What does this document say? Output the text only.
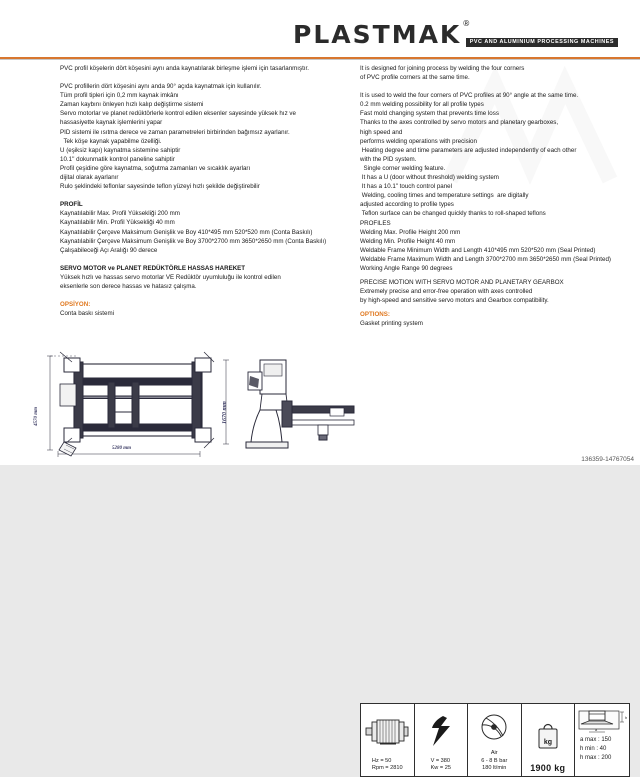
PLASTMAK ®
PVC AND ALUMINIUM PROCESSING MACHINES

PVC profil köşelerin dört köşesini aynı anda kaynatılarak birleşme işlemi için tasarlanmıştır.

PVC profillerin dört köşesini aynı anda 90° açıda kaynatmak için kullanılır.

Tüm profil tipleri için 0,2 mm kaynak imkânı

Zaman kaybını önleyen hızlı kalıp değiştirme sistemi

Servo motorlar ve planet redüktörlerle kontrol edilen eksenler sayesinde yüksek hız ve

hassasiyette kaynak işlemlerini yapar

PID sistemi ile ısıtma derece ve zaman parametreleri birbirinden bağımsız ayarlanır.

Tek köşe kaynak yapabilme özelliği.

U (eşiksiz kapı) kaynatma sistemine sahiptir

10.1'' dokunmatik kontrol paneline sahiptir

Profil çeşidine göre kaynatma, soğutma zamanları ve sıcaklık ayarları

dijital olarak ayarlanır

Rulo şeklindeki teflonlar sayesinde teflon yüzeyi hızlı şekilde değiştirebilir

PROFİL

Kaynatılabilir Max. Profil Yüksekliği 200 mm

Kaynatılabilir Min. Profil Yüksekliği 40 mm

Kaynatılabilir Çerçeve Maksimum Genişlik ve Boy 410*495 mm 520*520 mm (Conta Baskılı)

Kaynatılabilir Çerçeve Maksimum Genişlik ve Boy 3700*2700 mm 3650*2650 mm (Conta Baskılı)

Çalışabileceği Açı Aralığı 90 derece

SERVO MOTOR ve PLANET REDÜKTÖRLE HASSAS HAREKET

Yüksek hızlı ve hassas servo motorlar VE Redüktör uyumluluğu ile kontrol edilen

eksenlerle son derece hassas ve hatasız çalışma.

OPSİYON:

Conta baskı sistemi

It is designed for joining process by welding the four corners

of PVC profile corners at the same time.

It is used to weld the four corners of PVC profiles at 90° angle at the same time.

0.2 mm welding possibility for all profile types

Fast mold changing system that prevents time loss

Thanks to the axes controlled by servo motors and planetary gearboxes,

high speed and

performs welding operations with precision

Heating degree and time parameters are adjusted independently of each other

with the PID system.

Single corner welding feature.

It has a U (door without threshold) welding system

It has a 10.1" touch control panel

Welding, cooling times and temperature settings  are digitally

adjusted according to profile types

Teflon surface can be changed quickly thanks to roll-shaped teflons

PROFILES

Welding Max. Profile Height 200 mm

Welding Min. Profile Height 40 mm

Weldable Frame Minimum Width and Length 410*495 mm 520*520 mm (Seal Printed)

Weldable Frame Maximum Width and Length 3700*2700 mm 3650*2650 mm (Seal Printed)

Working Angle Range 90 degrees

PRECISE MOTION WITH SERVO MOTOR AND PLANETARY GEARBOX

Extremely precise and error-free operation with axes controlled

by high-speed and sensitive servo motors and Gearbox compatibility.

OPTIONS:

Gasket printing system

4570 mm
5280 mm
1670 mm
Hz = 50
Rpm = 2810
V = 380
Kw = 25
Air
6 - 8 B bar
180 lt/min
kg
1900 kg
h
a
a max : 150
h min : 40
h max : 200
136359-14767054
